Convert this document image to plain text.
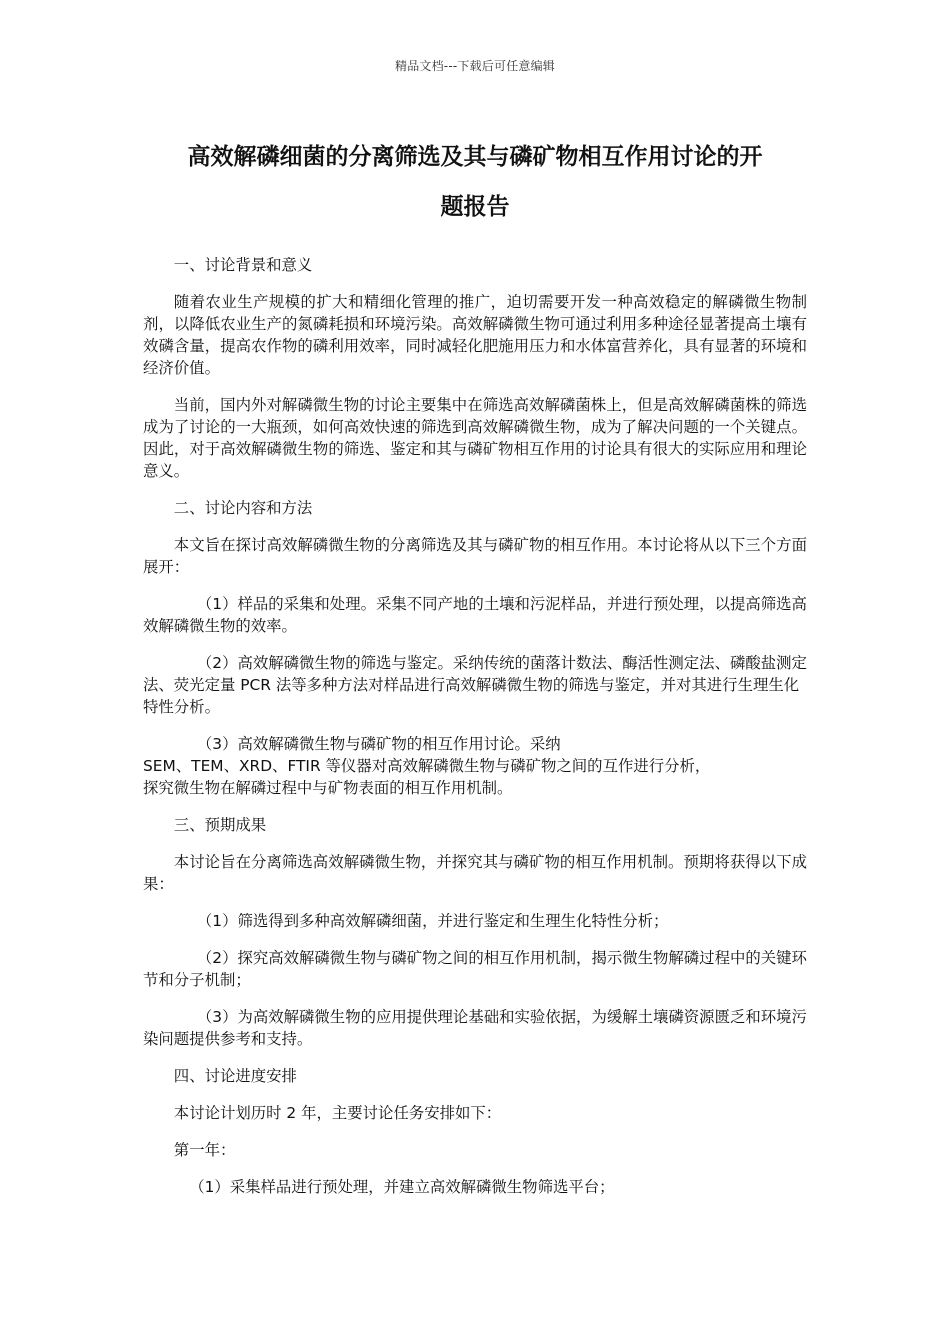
精品文档---下载后可任意编辑
高效解磷细菌的分离筛选及其与磷矿物相互作用讨论的开
题报告

一、讨论背景和意义

随着农业生产规模的扩大和精细化管理的推广，迫切需要开发一种高效稳定的解磷微生物制剂，以降低农业生产的氮磷耗损和环境污染。高效解磷微生物可通过利用多种途径显著提高土壤有效磷含量，提高农作物的磷利用效率，同时减轻化肥施用压力和水体富营养化，具有显著的环境和经济价值。

当前，国内外对解磷微生物的讨论主要集中在筛选高效解磷菌株上，但是高效解磷菌株的筛选成为了讨论的一大瓶颈，如何高效快速的筛选到高效解磷微生物，成为了解决问题的一个关键点。因此，对于高效解磷微生物的筛选、鉴定和其与磷矿物相互作用的讨论具有很大的实际应用和理论意义。

二、讨论内容和方法

本文旨在探讨高效解磷微生物的分离筛选及其与磷矿物的相互作用。本讨论将从以下三个方面展开：

（1）样品的采集和处理。采集不同产地的土壤和污泥样品，并进行预处理，以提高筛选高效解磷微生物的效率。

（2）高效解磷微生物的筛选与鉴定。采纳传统的菌落计数法、酶活性测定法、磷酸盐测定法、荧光定量 PCR 法等多种方法对样品进行高效解磷微生物的筛选与鉴定，并对其进行生理生化特性分析。

（3）高效解磷微生物与磷矿物的相互作用讨论。采纳
SEM、TEM、XRD、FTIR 等仪器对高效解磷微生物与磷矿物之间的互作进行分析，
探究微生物在解磷过程中与矿物表面的相互作用机制。

三、预期成果

本讨论旨在分离筛选高效解磷微生物，并探究其与磷矿物的相互作用机制。预期将获得以下成果：

（1）筛选得到多种高效解磷细菌，并进行鉴定和生理生化特性分析；

（2）探究高效解磷微生物与磷矿物之间的相互作用机制，揭示微生物解磷过程中的关键环节和分子机制；

（3）为高效解磷微生物的应用提供理论基础和实验依据，为缓解土壤磷资源匮乏和环境污染问题提供参考和支持。

四、讨论进度安排

本讨论计划历时 2 年，主要讨论任务安排如下：

第一年：

（1）采集样品进行预处理，并建立高效解磷微生物筛选平台；
